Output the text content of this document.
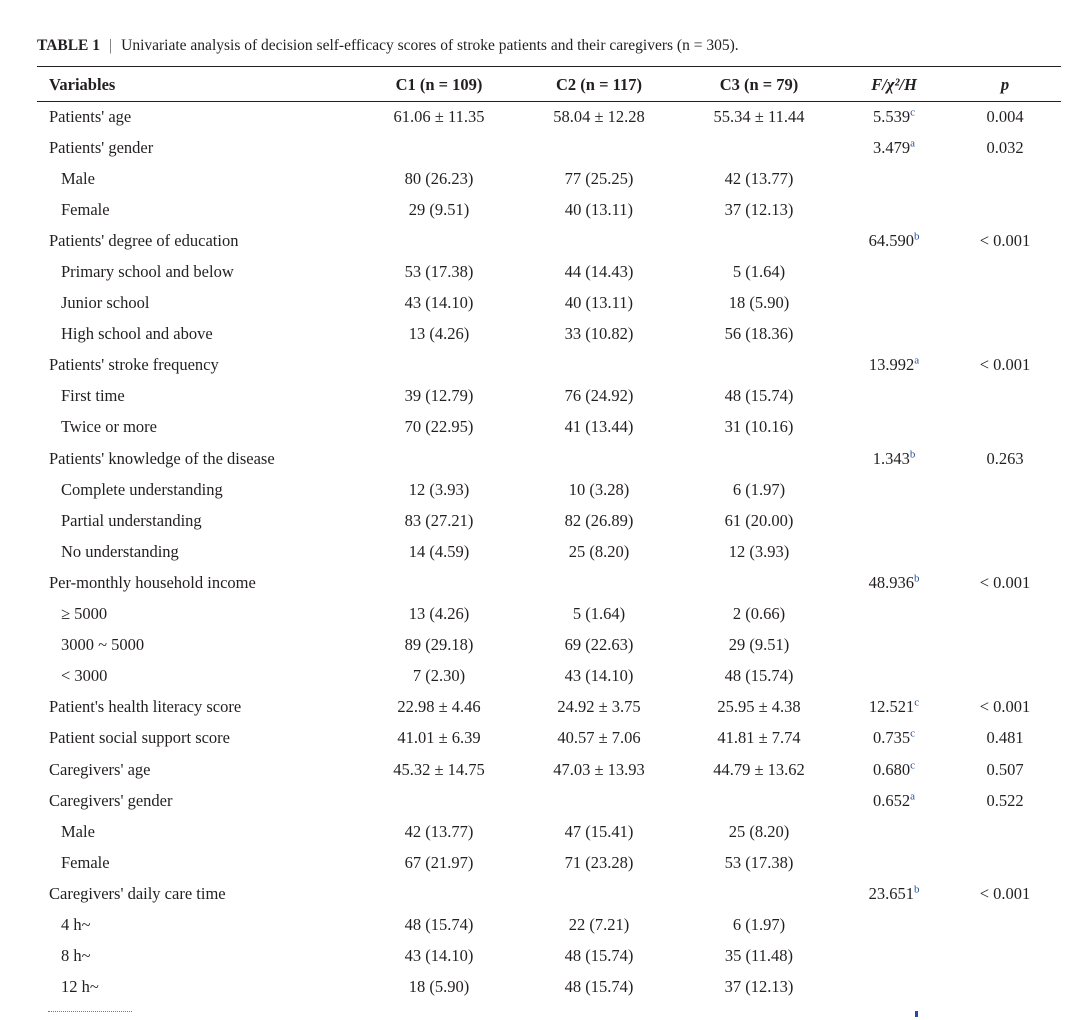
TABLE 1 | Univariate analysis of decision self-efficacy scores of stroke patients and their caregivers (n = 305).
Variables	C1 (n = 109)	C2 (n = 117)	C3 (n = 79)	F/χ²/H	p
Patients' age	61.06 ± 11.35	58.04 ± 12.28	55.34 ± 11.44	5.539$^c$	0.004
Patients' gender				3.479$^a$	0.032
Male	80 (26.23)	77 (25.25)	42 (13.77)		
Female	29 (9.51)	40 (13.11)	37 (12.13)		
Patients' degree of education				64.590$^b$	< 0.001
Primary school and below	53 (17.38)	44 (14.43)	5 (1.64)		
Junior school	43 (14.10)	40 (13.11)	18 (5.90)		
High school and above	13 (4.26)	33 (10.82)	56 (18.36)		
Patients' stroke frequency				13.992$^a$	< 0.001
First time	39 (12.79)	76 (24.92)	48 (15.74)		
Twice or more	70 (22.95)	41 (13.44)	31 (10.16)		
Patients' knowledge of the disease				1.343$^b$	0.263
Complete understanding	12 (3.93)	10 (3.28)	6 (1.97)		
Partial understanding	83 (27.21)	82 (26.89)	61 (20.00)		
No understanding	14 (4.59)	25 (8.20)	12 (3.93)		
Per-monthly household income				48.936$^b$	< 0.001
≥ 5000	13 (4.26)	5 (1.64)	2 (0.66)		
3000 ~ 5000	89 (29.18)	69 (22.63)	29 (9.51)		
< 3000	7 (2.30)	43 (14.10)	48 (15.74)		
Patient's health literacy score	22.98 ± 4.46	24.92 ± 3.75	25.95 ± 4.38	12.521$^c$	< 0.001
Patient social support score	41.01 ± 6.39	40.57 ± 7.06	41.81 ± 7.74	0.735$^c$	0.481
Caregivers' age	45.32 ± 14.75	47.03 ± 13.93	44.79 ± 13.62	0.680$^c$	0.507
Caregivers' gender				0.652$^a$	0.522
Male	42 (13.77)	47 (15.41)	25 (8.20)		
Female	67 (21.97)	71 (23.28)	53 (17.38)		
Caregivers' daily care time				23.651$^b$	< 0.001
4 h~	48 (15.74)	22 (7.21)	6 (1.97)		
8 h~	43 (14.10)	48 (15.74)	35 (11.48)		
12 h~	18 (5.90)	48 (15.74)	37 (12.13)		
